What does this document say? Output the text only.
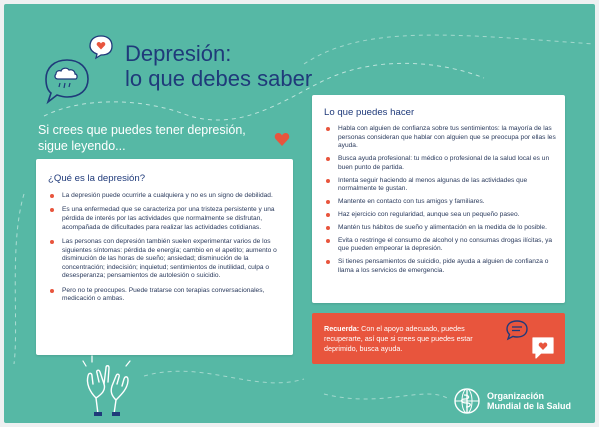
Depresión:
lo que debes saber
Si crees que puedes tener depresión, sigue leyendo...
¿Qué es la depresión?
La depresión puede ocurrirle a cualquiera y no es un signo de debilidad.
Es una enfermedad que se caracteriza por una tristeza persistente y una pérdida de interés por las actividades que normalmente se disfrutan, acompañada de dificultades para realizar las actividades cotidianas.
Las personas con depresión también suelen experimentar varios de los siguientes síntomas: pérdida de energía; cambio en el apetito; aumento o disminución de las horas de sueño; ansiedad; disminución de la concentración; indecisión; inquietud; sentimientos de inutilidad, culpa o desesperanza; pensamientos de autolesión o suicidio.
Pero no te preocupes. Puede tratarse con terapias conversacionales, medicación o ambas.
Lo que puedes hacer
Habla con alguien de confianza sobre tus sentimientos: la mayoría de las personas consideran que hablar con alguien que se preocupa por ellas les ayuda.
Busca ayuda profesional: tu médico o profesional de la salud local es un buen punto de partida.
Intenta seguir haciendo al menos algunas de las actividades que normalmente te gustan.
Mantente en contacto con tus amigos y familiares.
Haz ejercicio con regularidad, aunque sea un pequeño paseo.
Mantén tus hábitos de sueño y alimentación en la medida de lo posible.
Evita o restringe el consumo de alcohol y no consumas drogas ilícitas, ya que pueden empeorar la depresión.
Si tienes pensamientos de suicidio, pide ayuda a alguien de confianza o llama a los servicios de emergencia.

Recuerda: Con el apoyo adecuado, puedes recuperarte, así que si crees que puedes estar deprimido, busca ayuda.

Organización
Mundial de la Salud
